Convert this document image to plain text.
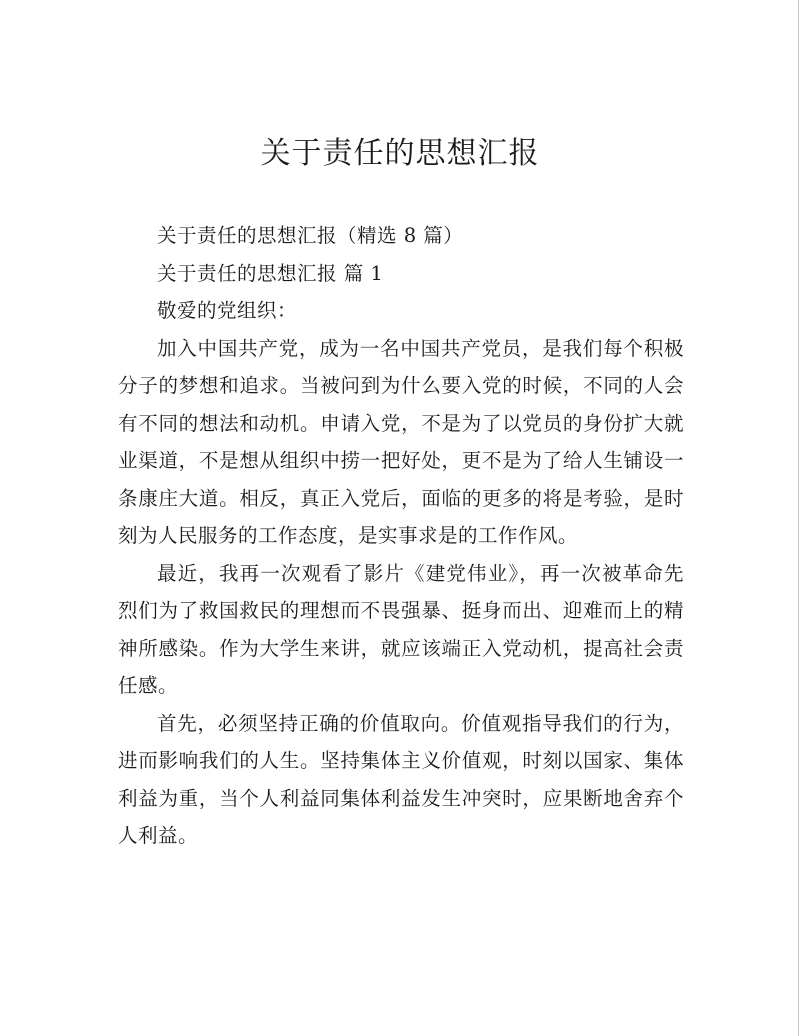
关于责任的思想汇报

关于责任的思想汇报（精选 8 篇）

关于责任的思想汇报 篇 1

敬爱的党组织：

加入中国共产党，成为一名中国共产党员，是我们每个积极分子的梦想和追求。当被问到为什么要入党的时候，不同的人会有不同的想法和动机。申请入党，不是为了以党员的身份扩大就业渠道，不是想从组织中捞一把好处，更不是为了给人生铺设一条康庄大道。相反，真正入党后，面临的更多的将是考验，是时刻为人民服务的工作态度，是实事求是的工作作风。

最近，我再一次观看了影片《建党伟业》，再一次被革命先烈们为了救国救民的理想而不畏强暴、挺身而出、迎难而上的精神所感染。作为大学生来讲，就应该端正入党动机，提高社会责任感。

首先，必须坚持正确的价值取向。价值观指导我们的行为，进而影响我们的人生。坚持集体主义价值观，时刻以国家、集体利益为重，当个人利益同集体利益发生冲突时，应果断地舍弃个人利益。
